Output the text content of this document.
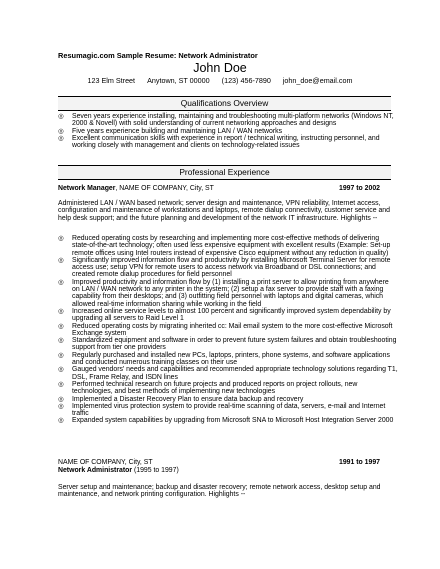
Resumagic.com Sample Resume: Network Administrator
John Doe
123 Elm Street Anytown, ST 00000 (123) 456-7890 john_doe@email.com
Qualifications Overview
◎ Seven years experience installing, maintaining and troubleshooting multi-platform networks (Windows NT, 2000 & Novell) with solid understanding of current networking approaches and designs
◎ Five years experience building and maintaining LAN / WAN networks
◎ Excellent communication skills with experience in report / technical writing, instructing personnel, and working closely with management and clients on technology-related issues
Professional Experience
Network Manager, NAME OF COMPANY, City, ST	1997 to 2002

Administered LAN / WAN based network; server design and maintenance, VPN reliability, Internet access, configuration and maintenance of workstations and laptops, remote dialup connectivity, customer service and help desk support; and the future planning and development of the network IT infrastructure. Highlights --

◎ Reduced operating costs by researching and implementing more cost-effective methods of delivering state-of-the-art technology; often used less expensive equipment with excellent results (Example: Set-up remote offices using Intel routers instead of expensive Cisco equipment without any reduction in quality)
◎ Significantly improved information flow and productivity by installing Microsoft Terminal Server for remote access use; setup VPN for remote users to access network via Broadband or DSL connections; and created remote dialup procedures for field personnel
◎ Improved productivity and information flow by (1) installing a print server to allow printing from anywhere on LAN / WAN network to any printer in the system; (2) setup a fax server to provide staff with a faxing capability from their desktops; and (3) outfitting field personnel with laptops and digital cameras, which allowed real-time information sharing while working in the field
◎ Increased online service levels to almost 100 percent and significantly improved system dependability by upgrading all servers to Raid Level 1
◎ Reduced operating costs by migrating inherited cc: Mail email system to the more cost-effective Microsoft Exchange system
◎ Standardized equipment and software in order to prevent future system failures and obtain troubleshooting support from tier one providers
◎ Regularly purchased and installed new PCs, laptops, printers, phone systems, and software applications and conducted numerous training classes on their use
◎ Gauged vendors' needs and capabilities and recommended appropriate technology solutions regarding T1, DSL, Frame Relay, and ISDN lines
◎ Performed technical research on future projects and produced reports on project rollouts, new technologies, and best methods of implementing new technologies
◎ Implemented a Disaster Recovery Plan to ensure data backup and recovery
◎ Implemented virus protection system to provide real-time scanning of data, servers, e-mail and Internet traffic
◎ Expanded system capabilities by upgrading from Microsoft SNA to Microsoft Host Integration Server 2000
NAME OF COMPANY, City, ST	1991 to 1997
Network Administrator (1995 to 1997)

Server setup and maintenance; backup and disaster recovery; remote network access, desktop setup and maintenance, and network printing configuration. Highlights --
